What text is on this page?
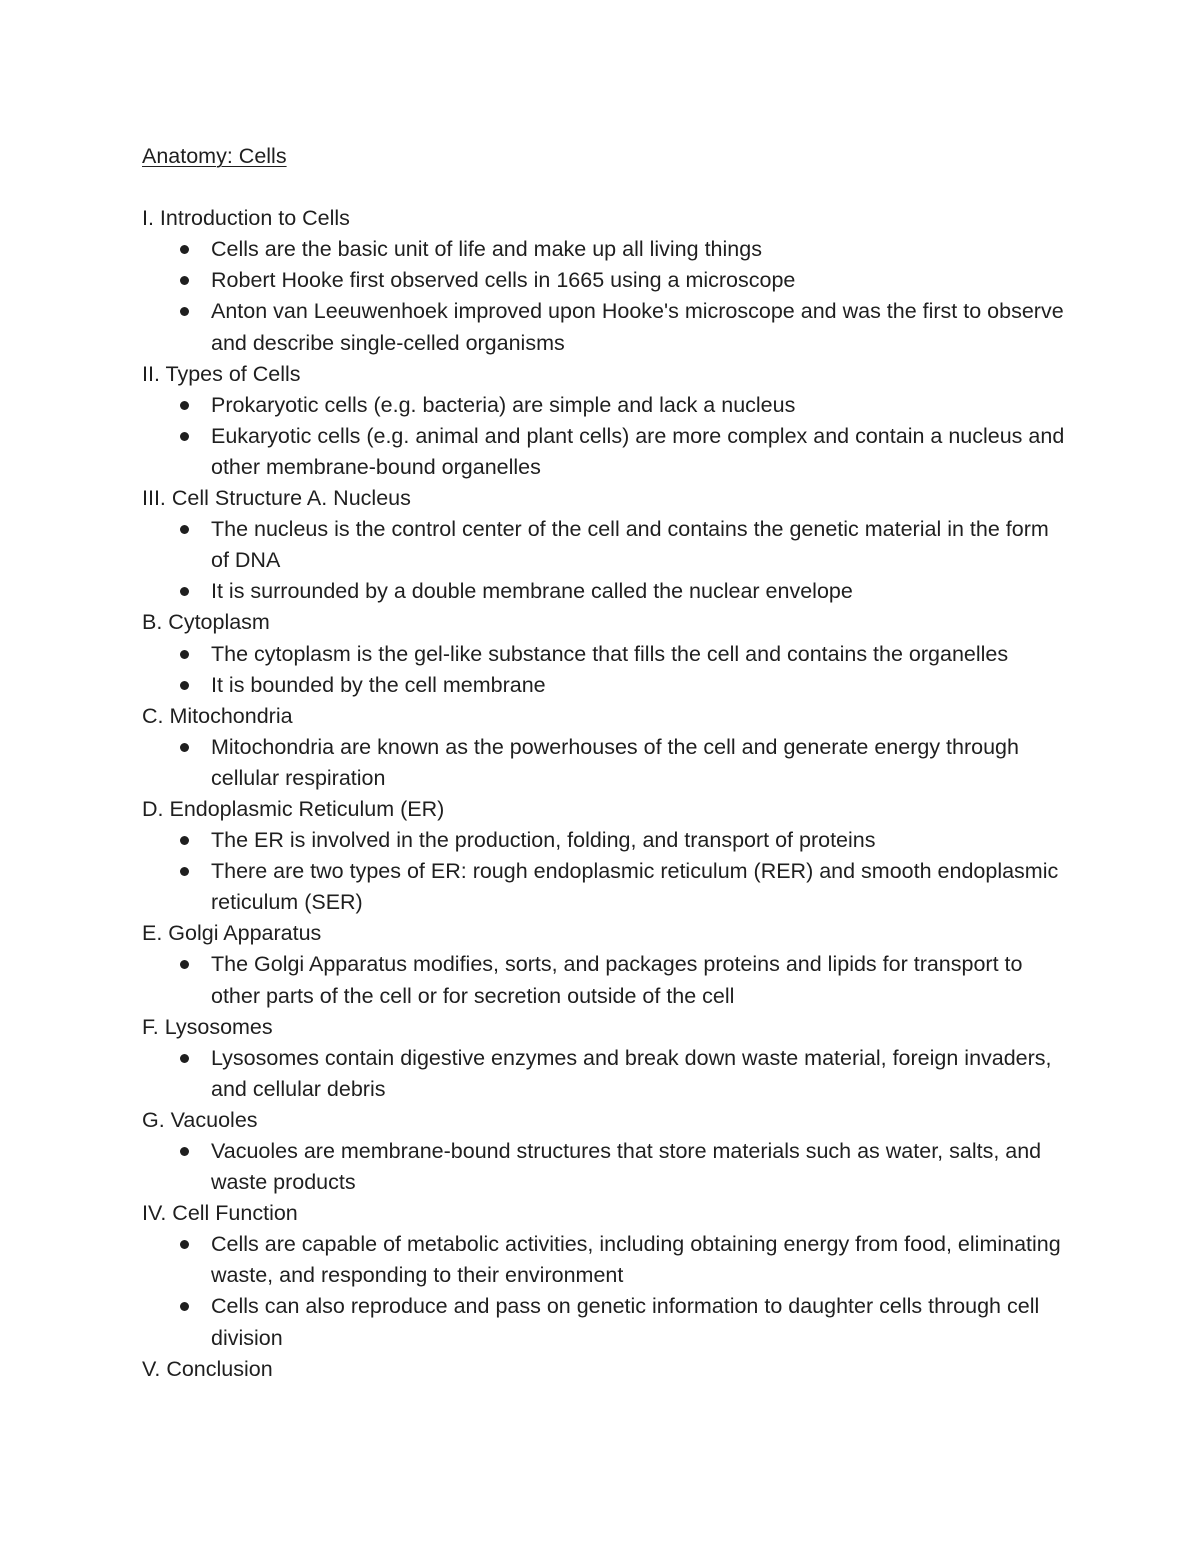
Anatomy: Cells
I. Introduction to Cells
Cells are the basic unit of life and make up all living things
Robert Hooke first observed cells in 1665 using a microscope
Anton van Leeuwenhoek improved upon Hooke's microscope and was the first to observe and describe single-celled organisms
II. Types of Cells
Prokaryotic cells (e.g. bacteria) are simple and lack a nucleus
Eukaryotic cells (e.g. animal and plant cells) are more complex and contain a nucleus and other membrane-bound organelles
III. Cell Structure A. Nucleus
The nucleus is the control center of the cell and contains the genetic material in the form of DNA
It is surrounded by a double membrane called the nuclear envelope
B. Cytoplasm
The cytoplasm is the gel-like substance that fills the cell and contains the organelles
It is bounded by the cell membrane
C. Mitochondria
Mitochondria are known as the powerhouses of the cell and generate energy through cellular respiration
D. Endoplasmic Reticulum (ER)
The ER is involved in the production, folding, and transport of proteins
There are two types of ER: rough endoplasmic reticulum (RER) and smooth endoplasmic reticulum (SER)
E. Golgi Apparatus
The Golgi Apparatus modifies, sorts, and packages proteins and lipids for transport to other parts of the cell or for secretion outside of the cell
F. Lysosomes
Lysosomes contain digestive enzymes and break down waste material, foreign invaders, and cellular debris
G. Vacuoles
Vacuoles are membrane-bound structures that store materials such as water, salts, and waste products
IV. Cell Function
Cells are capable of metabolic activities, including obtaining energy from food, eliminating waste, and responding to their environment
Cells can also reproduce and pass on genetic information to daughter cells through cell division
V. Conclusion
